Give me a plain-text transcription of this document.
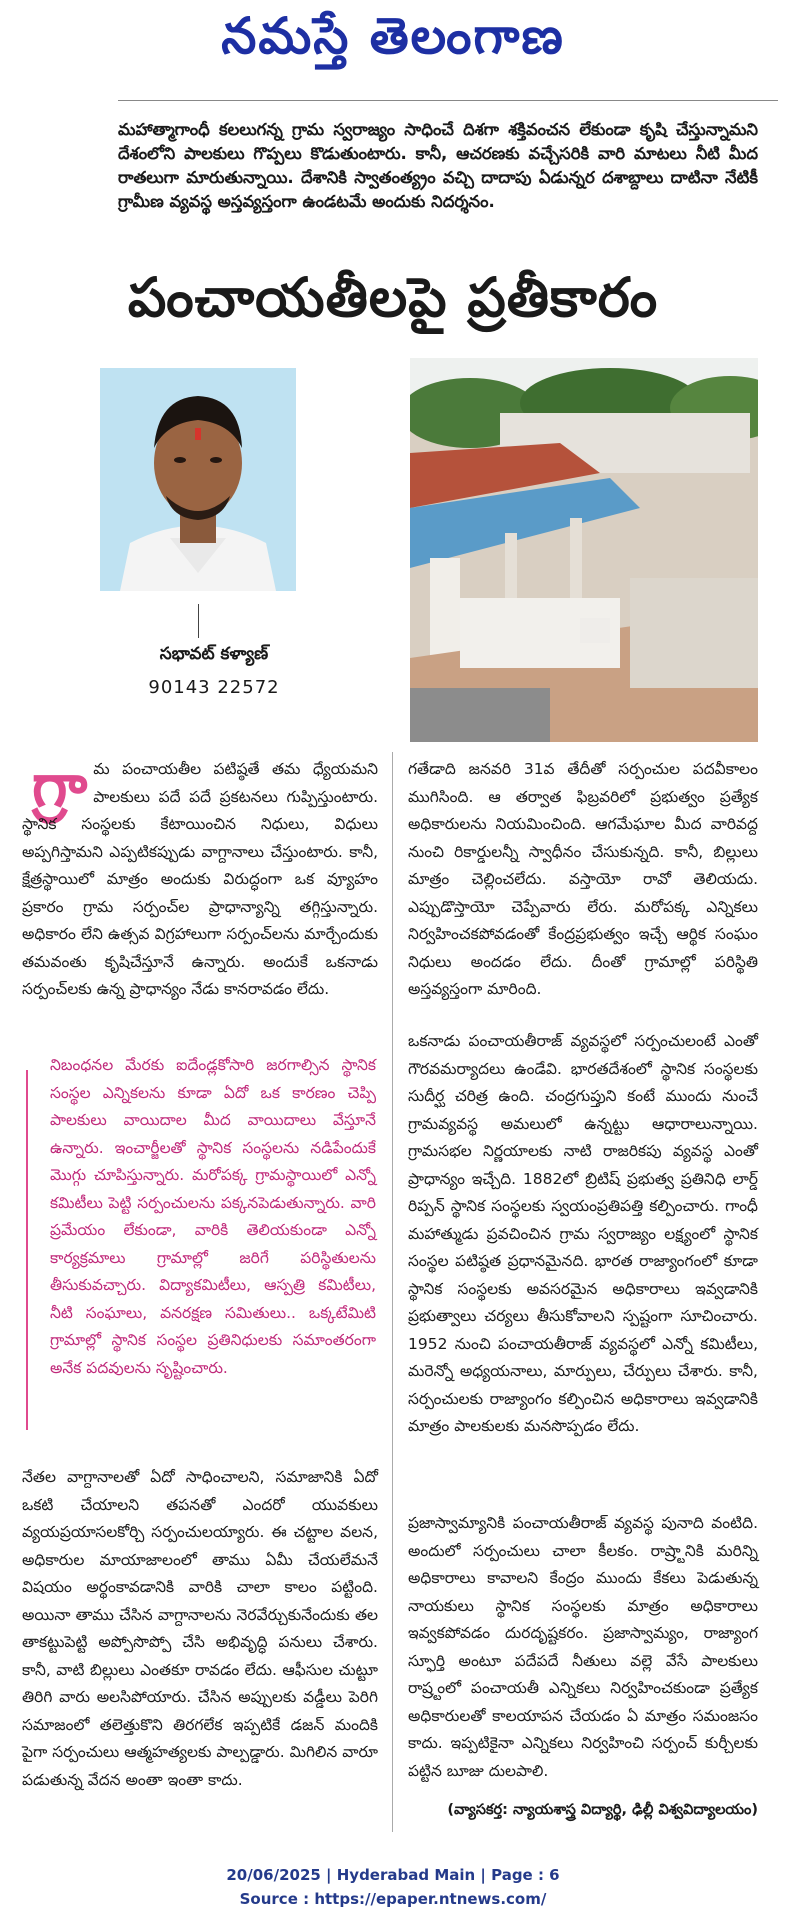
నమస్తే తెలంగాణ
మహాత్మాగాంధీ కలలుగన్న గ్రామ స్వరాజ్యం సాధించే దిశగా శక్తివంచన లేకుండా కృషి చేస్తున్నామని దేశంలోని పాలకులు గొప్పలు కొడుతుంటారు. కానీ, ఆచరణకు వచ్చేసరికి వారి మాటలు నీటి మీద రాతలుగా మారుతున్నాయి. దేశానికి స్వాతంత్య్రం వచ్చి దాదాపు ఏడున్నర దశాబ్దాలు దాటినా నేటికీ గ్రామీణ వ్యవస్థ అస్తవ్యస్తంగా ఉండటమే అందుకు నిదర్శనం.
పంచాయతీలపై ప్రతీకారం
సభావట్ కళ్యాణ్
90143 22572
గ్రా మ పంచాయతీల పటిష్ఠతే తమ ధ్యేయమని పాలకులు పదే పదే ప్రకటనలు గుప్పిస్తుంటారు. స్థానిక సంస్థలకు కేటాయించిన నిధులు, విధులు అప్పగిస్తామని ఎప్పటికప్పుడు వాగ్దానాలు చేస్తుంటారు. కానీ, క్షేత్రస్థాయిలో మాత్రం అందుకు విరుద్ధంగా ఒక వ్యూహం ప్రకారం గ్రామ సర్పంచ్‌ల ప్రాధాన్యాన్ని తగ్గిస్తున్నారు. అధికారం లేని ఉత్సవ విగ్రహాలుగా సర్పంచ్‌లను మార్చేందుకు తమవంతు కృషిచేస్తూనే ఉన్నారు. అందుకే ఒకనాడు సర్పంచ్‌లకు ఉన్న ప్రాధాన్యం నేడు కానరావడం లేదు.
నిబంధనల మేరకు ఐదేండ్లకోసారి జరగాల్సిన స్థానిక సంస్థల ఎన్నికలను కూడా ఏదో ఒక కారణం చెప్పి పాలకులు వాయిదాల మీద వాయిదాలు వేస్తూనే ఉన్నారు. ఇంచార్జీలతో స్థానిక సంస్థలను నడిపేందుకే మొగ్గు చూపిస్తున్నారు. మరోపక్క గ్రామస్థాయిలో ఎన్నో కమిటీలు పెట్టి సర్పంచులను పక్కనపెడుతున్నారు. వారి ప్రమేయం లేకుండా, వారికి తెలియకుండా ఎన్నో కార్యక్రమాలు గ్రామాల్లో జరిగే పరిస్థితులను తీసుకువచ్చారు. విద్యాకమిటీలు, ఆస్పత్రి కమిటీలు, నీటి సంఘాలు, వనరక్షణ సమితులు.. ఒక్కటేమిటి గ్రామాల్లో స్థానిక సంస్థల ప్రతినిధులకు సమాంతరంగా అనేక పదవులను సృష్టించారు.
నేతల వాగ్దానాలతో ఏదో సాధించాలని, సమాజానికి ఏదో ఒకటి చేయాలని తపనతో ఎందరో యువకులు వ్యయప్రయాసలకోర్చి సర్పంచులయ్యారు. ఈ చట్టాల వలన, అధికారుల మాయాజాలంలో తాము ఏమీ చేయలేమనే విషయం అర్థంకావడానికి వారికి చాలా కాలం పట్టింది. అయినా తాము చేసిన వాగ్దానాలను నెరవేర్చుకునేందుకు తల తాకట్టుపెట్టి అప్పోసొప్పో చేసి అభివృద్ధి పనులు చేశారు. కానీ, వాటి బిల్లులు ఎంతకూ రావడం లేదు. ఆఫీసుల చుట్టూ తిరిగి వారు అలసిపోయారు. చేసిన అప్పులకు వడ్డీలు పెరిగి సమాజంలో తలెత్తుకొని తిరగలేక ఇప్పటికే డజన్ మందికి పైగా సర్పంచులు ఆత్మహత్యలకు పాల్పడ్డారు. మిగిలిన వారూ పడుతున్న వేదన అంతా ఇంతా కాదు.
గతేడాది జనవరి 31వ తేదీతో సర్పంచుల పదవీకాలం ముగిసింది. ఆ తర్వాత ఫిబ్రవరిలో ప్రభుత్వం ప్రత్యేక అధికారులను నియమించింది. ఆగమేఘాల మీద వారివద్ద నుంచి రికార్డులన్నీ స్వాధీనం చేసుకున్నది. కానీ, బిల్లులు మాత్రం చెల్లించలేదు. వస్తాయో రావో తెలియదు. ఎప్పుడొస్తాయో చెప్పేవారు లేరు. మరోపక్క ఎన్నికలు నిర్వహించకపోవడంతో కేంద్రప్రభుత్వం ఇచ్చే ఆర్థిక సంఘం నిధులు అందడం లేదు. దీంతో గ్రామాల్లో పరిస్థితి అస్తవ్యస్తంగా మారింది.
ఒకనాడు పంచాయతీరాజ్ వ్యవస్థలో సర్పంచులంటే ఎంతో గౌరవమర్యాదలు ఉండేవి. భారతదేశంలో స్థానిక సంస్థలకు సుదీర్ఘ చరిత్ర ఉంది. చంద్రగుప్తుని కంటే ముందు నుంచే గ్రామవ్యవస్థ అమలులో ఉన్నట్టు ఆధారాలున్నాయి. గ్రామసభల నిర్ణయాలకు నాటి రాజరికపు వ్యవస్థ ఎంతో ప్రాధాన్యం ఇచ్చేది. 1882లో బ్రిటిష్ ప్రభుత్వ ప్రతినిధి లార్డ్ రిప్పన్ స్థానిక సంస్థలకు స్వయంప్రతిపత్తి కల్పించారు. గాంధీ మహాత్ముడు ప్రవచించిన గ్రామ స్వరాజ్యం లక్ష్యంలో స్థానిక సంస్థల పటిష్ఠత ప్రధానమైనది. భారత రాజ్యాంగంలో కూడా స్థానిక సంస్థలకు అవసరమైన అధికారాలు ఇవ్వడానికి ప్రభుత్వాలు చర్యలు తీసుకోవాలని స్పష్టంగా సూచించారు. 1952 నుంచి పంచాయతీరాజ్ వ్యవస్థలో ఎన్నో కమిటీలు, మరెన్నో అధ్యయనాలు, మార్పులు, చేర్పులు చేశారు. కానీ, సర్పంచులకు రాజ్యాంగం కల్పించిన అధికారాలు ఇవ్వడానికి మాత్రం పాలకులకు మనసొప్పడం లేదు.
ప్రజాస్వామ్యానికి పంచాయతీరాజ్ వ్యవస్థ పునాది వంటిది. అందులో సర్పంచులు చాలా కీలకం. రాష్ర్టానికి మరిన్ని అధికారాలు కావాలని కేంద్రం ముందు కేకలు పెడుతున్న నాయకులు స్థానిక సంస్థలకు మాత్రం అధికారాలు ఇవ్వకపోవడం దురదృష్టకరం. ప్రజాస్వామ్యం, రాజ్యాంగ స్ఫూర్తి అంటూ పదేపదే నీతులు వల్లె వేసే పాలకులు రాష్ర్టంలో పంచాయతీ ఎన్నికలు నిర్వహించకుండా ప్రత్యేక అధికారులతో కాలయాపన చేయడం ఏ మాత్రం సమంజసం కాదు. ఇప్పటికైనా ఎన్నికలు నిర్వహించి సర్పంచ్ కుర్చీలకు పట్టిన బూజు దులపాలి.
(వ్యాసకర్త: న్యాయశాస్త్ర విద్యార్థి, ఢిల్లీ విశ్వవిద్యాలయం)
20/06/2025 | Hyderabad Main | Page : 6
Source : https://epaper.ntnews.com/
